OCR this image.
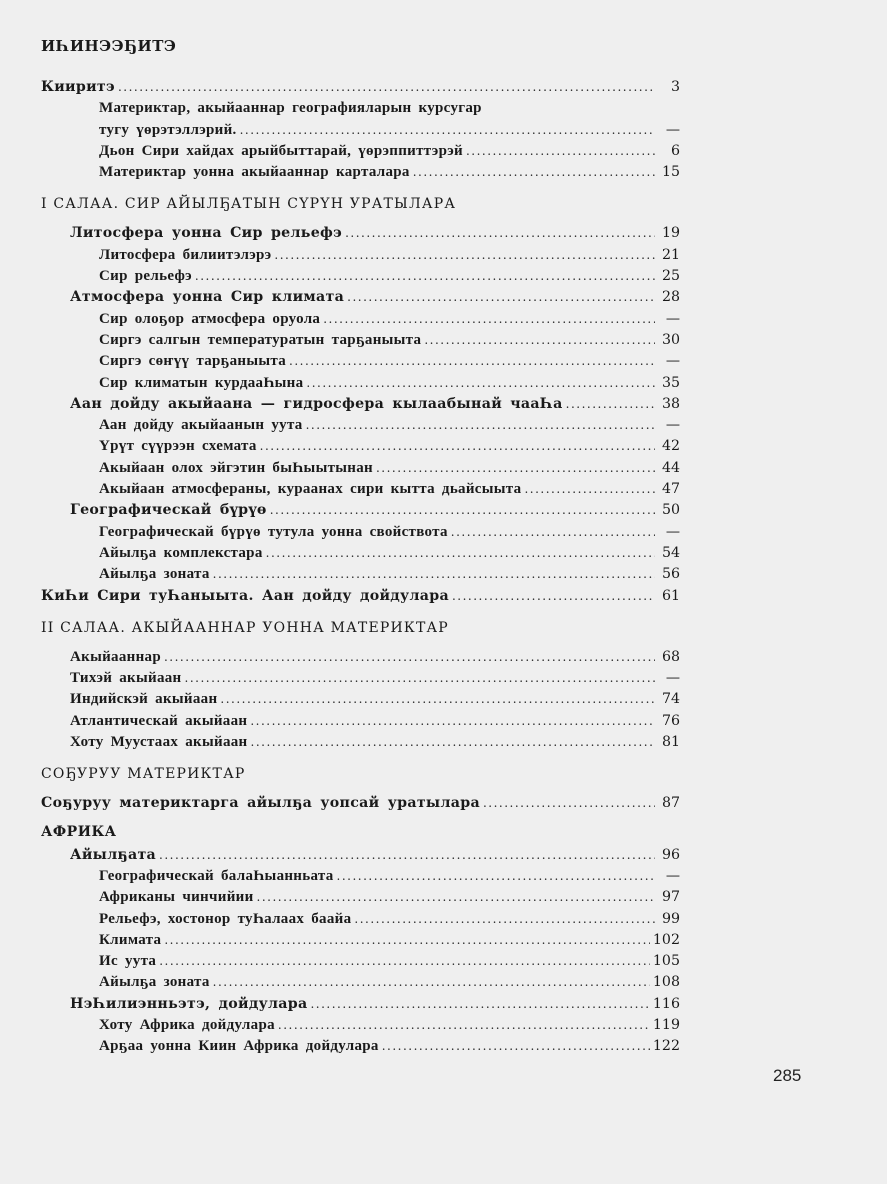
ИҺИНЭЭҔИТЭ
Кииритэ .....	3
Материктар, акыйааннар географияларын курсугар
тугу үөрэтэллэрий. .....	—
Дьон Сири хайдах арыйбыттарай, үөрэппиттэрэй .....	6
Материктар уонна акыйааннар карталара .....	15
I САЛАА. СИР АЙЫЛҔАТЫН СҮРҮН УРАТЫЛАРА
Литосфера уонна Сир рельефэ .....	19
Литосфера билиитэлэрэ .....	21
Сир рельефэ .....	25
Атмосфера уонна Сир климата .....	28
Сир олоҕор атмосфера оруола .....	—
Сиргэ салгын температуратын тарҕаныыта .....	30
Сиргэ сөҥүү тарҕаныыта .....	—
Сир климатын курдааҺына .....	35
Аан дойду акыйаана — гидросфера кылаабынай чааҺа .....	38
Аан дойду акыйаанын уута .....	—
Үрүт сүүрээн схемата .....	42
Акыйаан олох эйгэтин быҺыытынан .....	44
Акыйаан атмосфераны, кураанах сири кытта дьайсыыта .....	47
Географическай бүрүө .....	50
Географическай бүрүө тутула уонна свойствота .....	—
Айылҕа комплекстара .....	54
Айылҕа зоната .....	56
КиҺи Сири туҺаныыта. Аан дойду дойдулара .....	61
II САЛАА. АКЫЙААННАР УОННА МАТЕРИКТАР
Акыйааннар .....	68
Тихэй акыйаан .....	—
Индийскэй акыйаан .....	74
Атлантическай акыйаан .....	76
Хоту Муустаах акыйаан .....	81
СОҔУРУУ МАТЕРИКТАР
Соҕуруу материктарга айылҕа уопсай уратылара .....	87
АФРИКА
Айылҕата .....	96
Географическай балаҺыанньата .....	—
Африканы чинчийии .....	97
Рельефэ, хостонор туҺалаах баайа .....	99
Климата .....	102
Ис уута .....	105
Айылҕа зоната .....	108
НэҺилиэнньэтэ, дойдулара .....	116
Хоту Африка дойдулара .....	119
Арҕаа уонна Киин Африка дойдулара .....	122
285
